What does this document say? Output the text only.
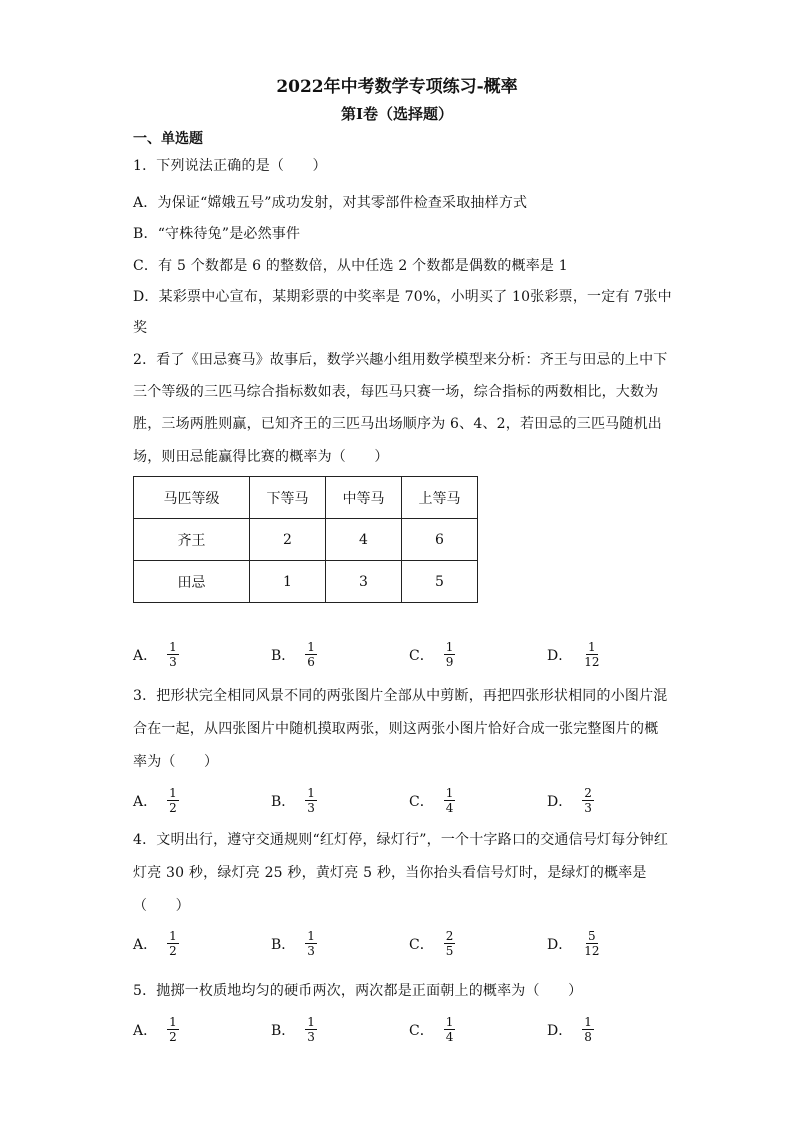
2022年中考数学专项练习-概率
第I卷（选择题）
一、单选题
1．下列说法正确的是（　　）
A．为保证“嫦娥五号”成功发射，对其零部件检查采取抽样方式
B．“守株待兔”是必然事件
C．有 5 个数都是 6 的整数倍，从中任选 2 个数都是偶数的概率是 1
D．某彩票中心宣布，某期彩票的中奖率是 70%，小明买了 10张彩票，一定有 7张中
奖
2．看了《田忌赛马》故事后，数学兴趣小组用数学模型来分析：齐王与田忌的上中下
三个等级的三匹马综合指标数如表，每匹马只赛一场，综合指标的两数相比，大数为
胜，三场两胜则赢，已知齐王的三匹马出场顺序为 6、4、2，若田忌的三匹马随机出
场，则田忌能赢得比赛的概率为（　　）
马匹等级	下等马	中等马	上等马
齐王	2	4	6
田忌	1	3	5
A． $\frac{1}{3}$	B． $\frac{1}{6}$	C． $\frac{1}{9}$	D． $\frac{1}{12}$
3．把形状完全相同风景不同的两张图片全部从中剪断，再把四张形状相同的小图片混
合在一起，从四张图片中随机摸取两张，则这两张小图片恰好合成一张完整图片的概
率为（　　）
A． $\frac{1}{2}$	B． $\frac{1}{3}$	C． $\frac{1}{4}$	D． $\frac{2}{3}$
4．文明出行，遵守交通规则“红灯停，绿灯行”，一个十字路口的交通信号灯每分钟红
灯亮 30 秒，绿灯亮 25 秒，黄灯亮 5 秒，当你抬头看信号灯时，是绿灯的概率是
（　　）
A． $\frac{1}{2}$	B． $\frac{1}{3}$	C． $\frac{2}{5}$	D． $\frac{5}{12}$
5．抛掷一枚质地均匀的硬币两次，两次都是正面朝上的概率为（　　）
A． $\frac{1}{2}$	B． $\frac{1}{3}$	C． $\frac{1}{4}$	D． $\frac{1}{8}$
